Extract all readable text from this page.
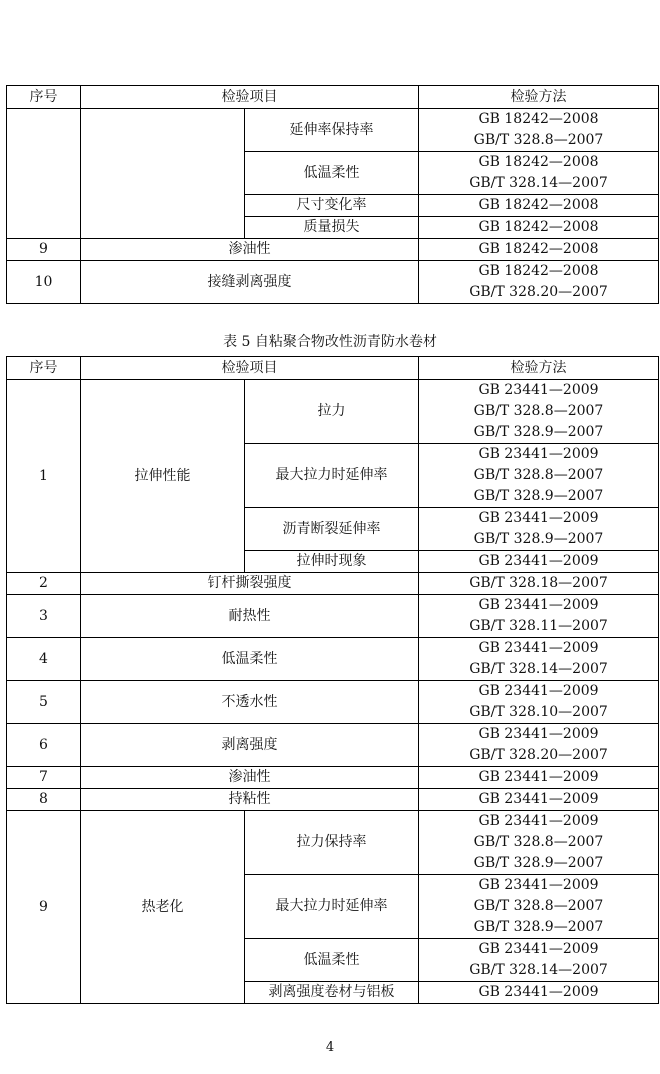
序号	检验项目		检验方法
		延伸率保持率	GB 18242—2008
GB/T 328.8—2007

		低温柔性	GB 18242—2008
GB/T 328.14—2007

		尺寸变化率	GB 18242—2008

		质量损失	GB 18242—2008

9	渗油性		GB 18242—2008

10	接缝剥离强度		GB 18242—2008
GB/T 328.20—2007
表 5 自粘聚合物改性沥青防水卷材
序号	检验项目		检验方法
1	拉伸性能	拉力	GB 23441—2009
GB/T 328.8—2007
GB/T 328.9—2007

		最大拉力时延伸率	GB 23441—2009
GB/T 328.8—2007
GB/T 328.9—2007

		沥青断裂延伸率	GB 23441—2009
GB/T 328.9—2007

		拉伸时现象	GB 23441—2009

2	钉杆撕裂强度		GB/T 328.18—2007

3	耐热性		GB 23441—2009
GB/T 328.11—2007

4	低温柔性		GB 23441—2009
GB/T 328.14—2007

5	不透水性		GB 23441—2009
GB/T 328.10—2007

6	剥离强度		GB 23441—2009
GB/T 328.20—2007

7	渗油性		GB 23441—2009

8	持粘性		GB 23441—2009

9	热老化	拉力保持率	GB 23441—2009
GB/T 328.8—2007
GB/T 328.9—2007

		最大拉力时延伸率	GB 23441—2009
GB/T 328.8—2007
GB/T 328.9—2007

		低温柔性	GB 23441—2009
GB/T 328.14—2007

		剥离强度卷材与铝板	GB 23441—2009
4
